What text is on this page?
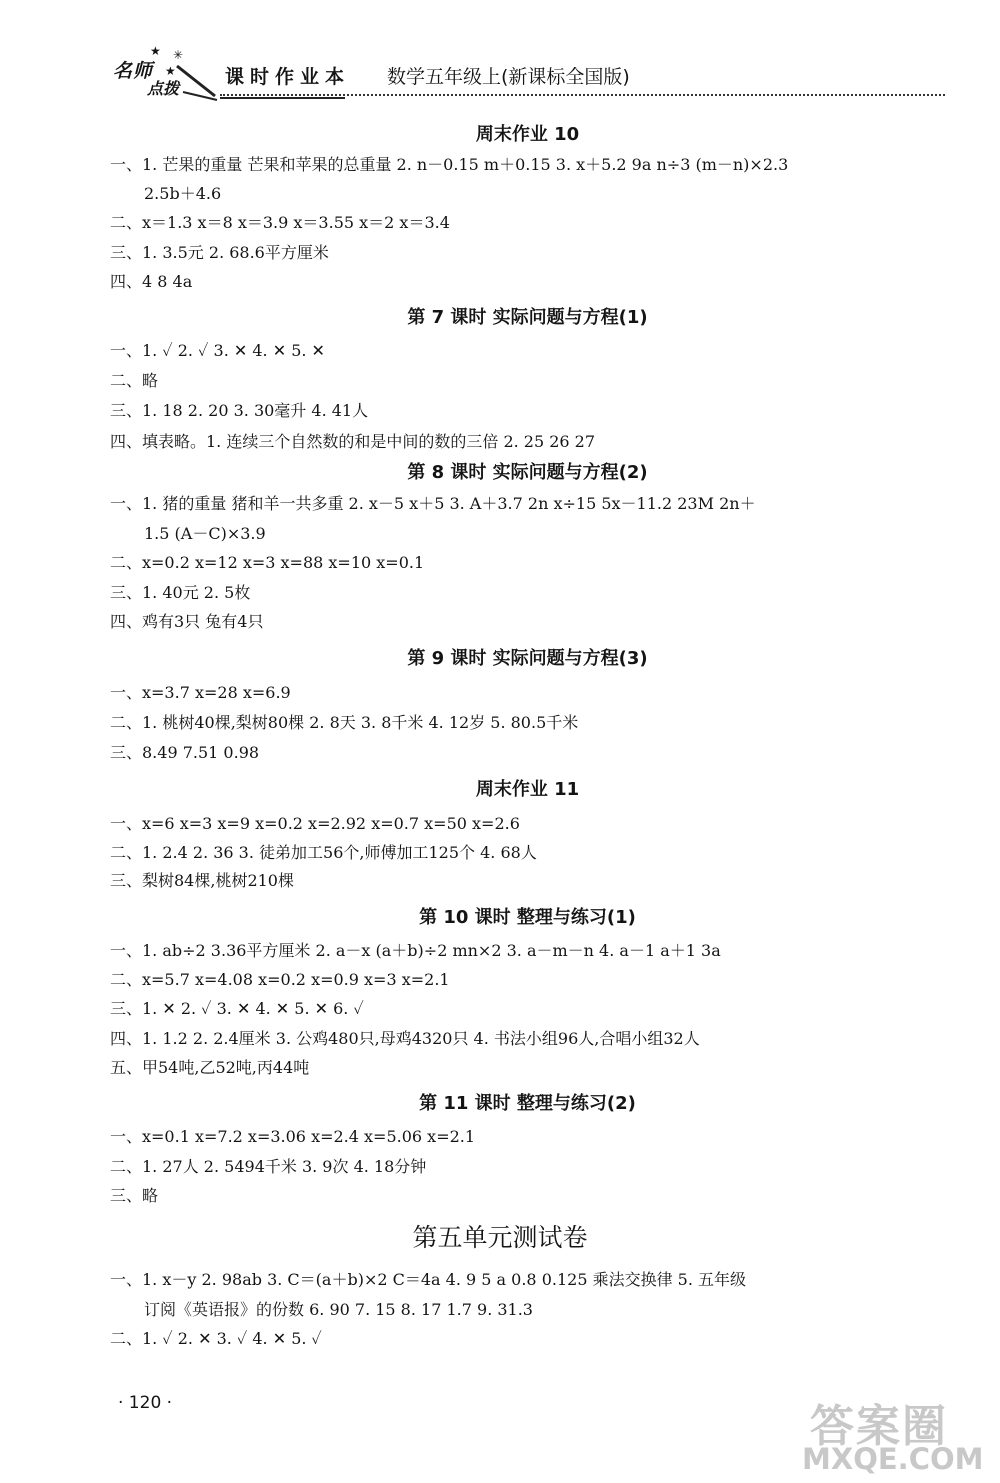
★ ✳
★
名师
点拨
课时作业本 数学五年级上(新课标全国版)
周末作业 10
一、1. 芒果的重量 芒果和苹果的总重量 2. n－0.15 m＋0.15 3. x＋5.2 9a n÷3 (m－n)×2.3
2.5b＋4.6
二、x＝1.3 x＝8 x＝3.9 x＝3.55 x＝2 x＝3.4
三、1. 3.5元 2. 68.6平方厘米
四、4 8 4a
第 7 课时 实际问题与方程(1)
一、1. ✓ 2. ✓ 3. ✕ 4. ✕ 5. ✕
二、略
三、1. 18 2. 20 3. 30毫升 4. 41人
四、填表略。1. 连续三个自然数的和是中间的数的三倍 2. 25 26 27
第 8 课时 实际问题与方程(2)
一、1. 猪的重量 猪和羊一共多重 2. x－5 x＋5 3. A＋3.7 2n x÷15 5x－11.2 23M 2n＋
1.5 (A－C)×3.9
二、x=0.2 x=12 x=3 x=88 x=10 x=0.1
三、1. 40元 2. 5枚
四、鸡有3只 兔有4只
第 9 课时 实际问题与方程(3)
一、x=3.7 x=28 x=6.9
二、1. 桃树40棵,梨树80棵 2. 8天 3. 8千米 4. 12岁 5. 80.5千米
三、8.49 7.51 0.98
周末作业 11
一、x=6 x=3 x=9 x=0.2 x=2.92 x=0.7 x=50 x=2.6
二、1. 2.4 2. 36 3. 徒弟加工56个,师傅加工125个 4. 68人
三、梨树84棵,桃树210棵
第 10 课时 整理与练习(1)
一、1. ab÷2 3.36平方厘米 2. a－x (a＋b)÷2 mn×2 3. a－m－n 4. a－1 a＋1 3a
二、x=5.7 x=4.08 x=0.2 x=0.9 x=3 x=2.1
三、1. ✕ 2. ✓ 3. ✕ 4. ✕ 5. ✕ 6. ✓
四、1. 1.2 2. 2.4厘米 3. 公鸡480只,母鸡4320只 4. 书法小组96人,合唱小组32人
五、甲54吨,乙52吨,丙44吨
第 11 课时 整理与练习(2)
一、x=0.1 x=7.2 x=3.06 x=2.4 x=5.06 x=2.1
二、1. 27人 2. 5494千米 3. 9次 4. 18分钟
三、略
第五单元测试卷
一、1. x－y 2. 98ab 3. C＝(a＋b)×2 C＝4a 4. 9 5 a 0.8 0.125 乘法交换律 5. 五年级
订阅《英语报》的份数 6. 90 7. 15 8. 17 1.7 9. 31.3
二、1. ✓ 2. ✕ 3. ✓ 4. ✕ 5. ✓
· 120 ·	答案圈
MXQE.COM
